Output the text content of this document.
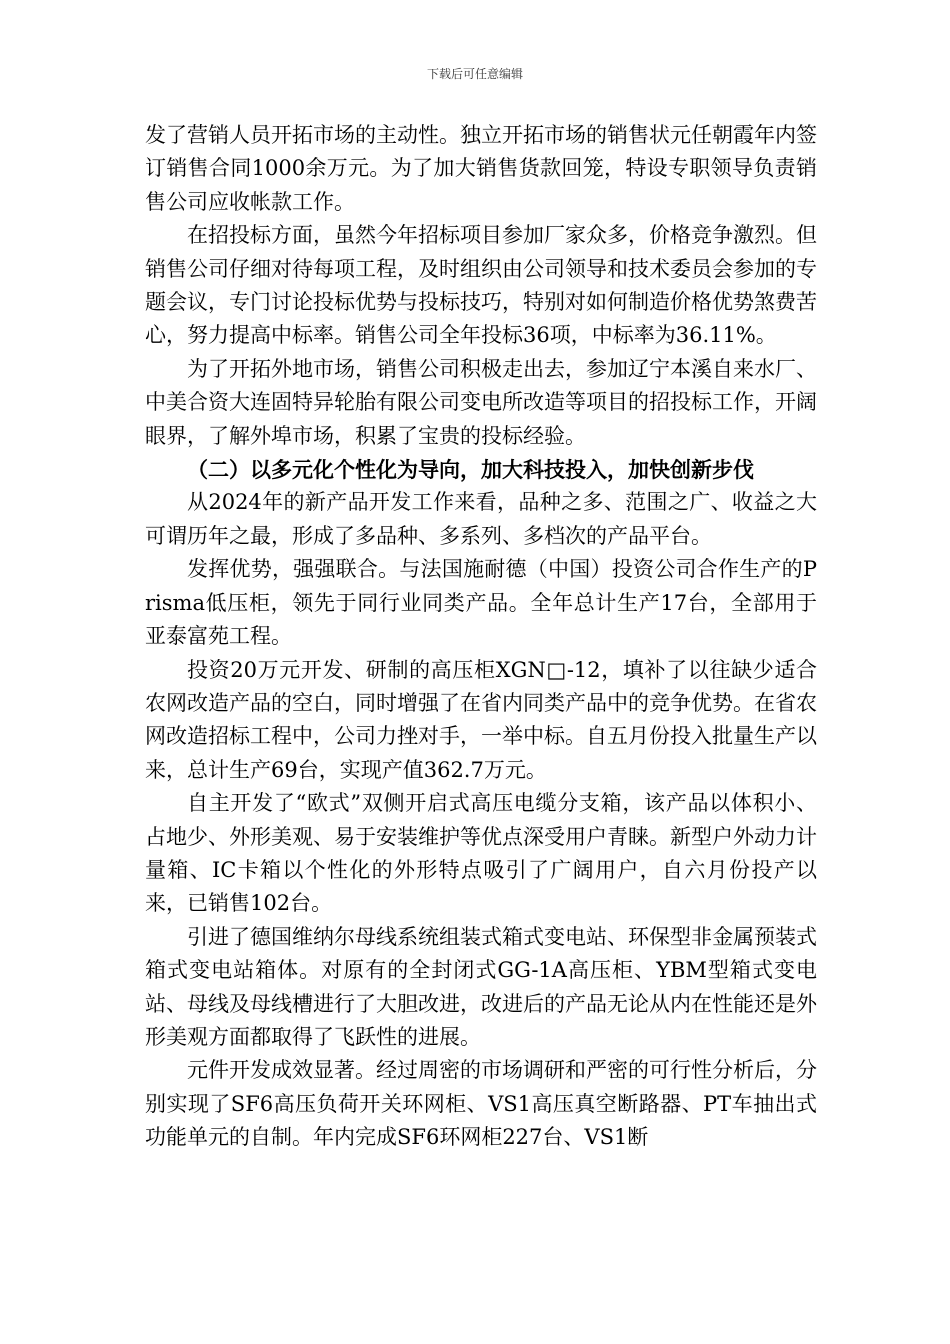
下载后可任意编辑

发了营销人员开拓市场的主动性。独立开拓市场的销售状元任朝霞年内签订销售合同1000余万元。为了加大销售货款回笼，特设专职领导负责销售公司应收帐款工作。

在招投标方面，虽然今年招标项目参加厂家众多，价格竞争激烈。但销售公司仔细对待每项工程，及时组织由公司领导和技术委员会参加的专题会议，专门讨论投标优势与投标技巧，特别对如何制造价格优势煞费苦心，努力提高中标率。销售公司全年投标36项，中标率为36.11%。

为了开拓外地市场，销售公司积极走出去，参加辽宁本溪自来水厂、中美合资大连固特异轮胎有限公司变电所改造等项目的招投标工作，开阔眼界，了解外埠市场，积累了宝贵的投标经验。

（二）以多元化个性化为导向，加大科技投入，加快创新步伐

从2024年的新产品开发工作来看，品种之多、范围之广、收益之大可谓历年之最，形成了多品种、多系列、多档次的产品平台。

发挥优势，强强联合。与法国施耐德（中国）投资公司合作生产的Prisma低压柜，领先于同行业同类产品。全年总计生产17台，全部用于亚泰富苑工程。

投资20万元开发、研制的高压柜XGN□-12，填补了以往缺少适合农网改造产品的空白，同时增强了在省内同类产品中的竞争优势。在省农网改造招标工程中，公司力挫对手，一举中标。自五月份投入批量生产以来，总计生产69台，实现产值362.7万元。

自主开发了“欧式”双侧开启式高压电缆分支箱，该产品以体积小、占地少、外形美观、易于安装维护等优点深受用户青睐。新型户外动力计量箱、IC卡箱以个性化的外形特点吸引了广阔用户，自六月份投产以来，已销售102台。

引进了德国维纳尔母线系统组装式箱式变电站、环保型非金属预装式箱式变电站箱体。对原有的全封闭式GG-1A高压柜、YBM型箱式变电站、母线及母线槽进行了大胆改进，改进后的产品无论从内在性能还是外形美观方面都取得了飞跃性的进展。

元件开发成效显著。经过周密的市场调研和严密的可行性分析后，分别实现了SF6高压负荷开关环网柜、VS1高压真空断路器、PT车抽出式功能单元的自制。年内完成SF6环网柜227台、VS1断
